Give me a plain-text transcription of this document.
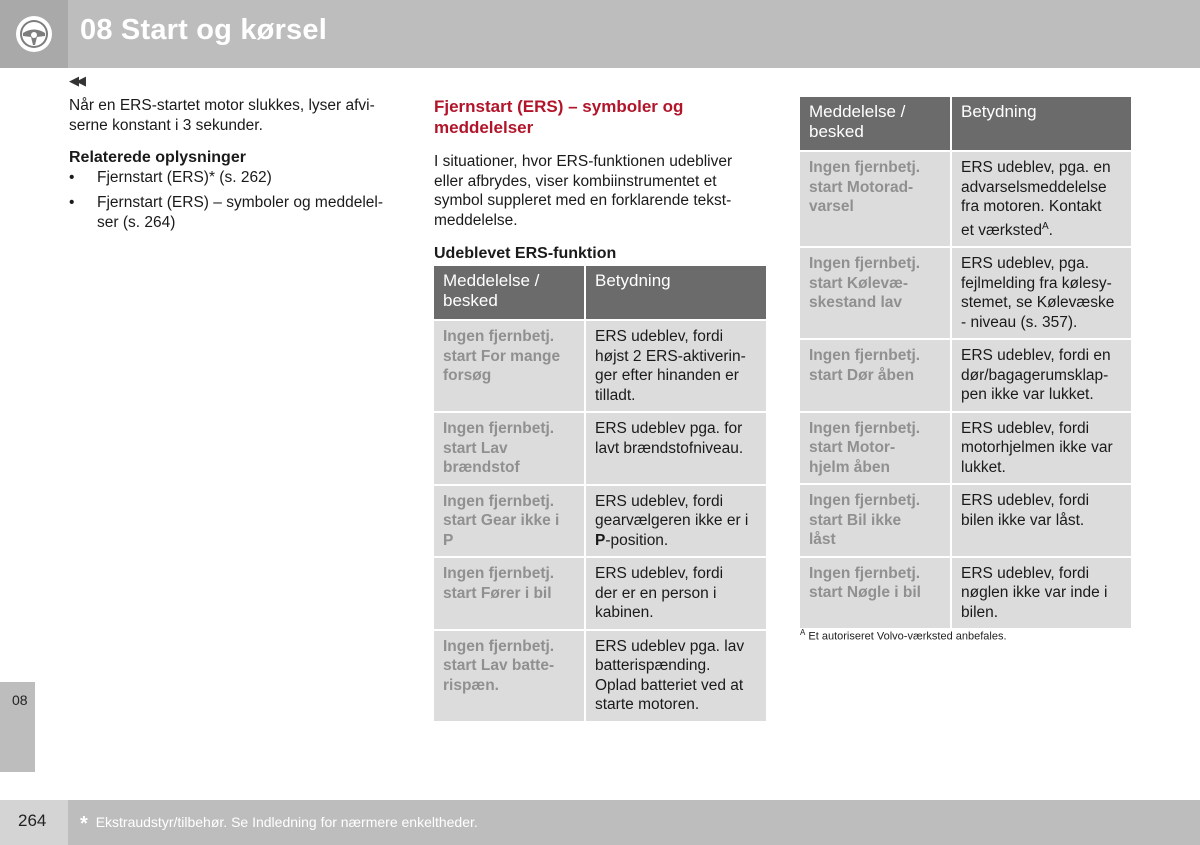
08 Start og kørsel
◀◀

Når en ERS-startet motor slukkes, lyser afvi-
serne konstant i 3 sekunder.

Relaterede oplysninger

• Fjernstart (ERS)* (s. 262)
• Fjernstart (ERS) – symboler og meddelel-
ser (s. 264)

Fjernstart (ERS) – symboler og
meddelelser

I situationer, hvor ERS-funktionen udebliver
eller afbrydes, viser kombiinstrumentet et
symbol suppleret med en forklarende tekst-
meddelelse.

Udeblevet ERS-funktion

Meddelelse /
besked	Betydning
Ingen fjernbetj.
start For mange
forsøg	ERS udeblev, fordi
højst 2 ERS-aktiverin-
ger efter hinanden er
tilladt.
Ingen fjernbetj.
start Lav
brændstof	ERS udeblev pga. for
lavt brændstofniveau.
Ingen fjernbetj.
start Gear ikke i
P	ERS udeblev, fordi
gearvælgeren ikke er i
P-position.
Ingen fjernbetj.
start Fører i bil	ERS udeblev, fordi
der er en person i
kabinen.
Ingen fjernbetj.
start Lav batte-
rispæn.	ERS udeblev pga. lav
batterispænding.
Oplad batteriet ved at
starte motoren.
Meddelelse /
besked	Betydning
Ingen fjernbetj.
start Motorad-
varsel	ERS udeblev, pga. en
advarselsmeddelelse
fra motoren. Kontakt
et værksted$^A$.
Ingen fjernbetj.
start Kølevæ-
skestand lav	ERS udeblev, pga.
fejlmelding fra kølesy-
stemet, se Kølevæske
- niveau (s. 357).
Ingen fjernbetj.
start Dør åben	ERS udeblev, fordi en
dør/bagagerumsklap-
pen ikke var lukket.
Ingen fjernbetj.
start Motor-
hjelm åben	ERS udeblev, fordi
motorhjelmen ikke var
lukket.
Ingen fjernbetj.
start Bil ikke
låst	ERS udeblev, fordi
bilen ikke var låst.
Ingen fjernbetj.
start Nøgle i bil	ERS udeblev, fordi
nøglen ikke var inde i
bilen.
$^A$ Et autoriseret Volvo-værksted anbefales.
08
264 * Ekstraudstyr/tilbehør. Se Indledning for nærmere enkeltheder.
